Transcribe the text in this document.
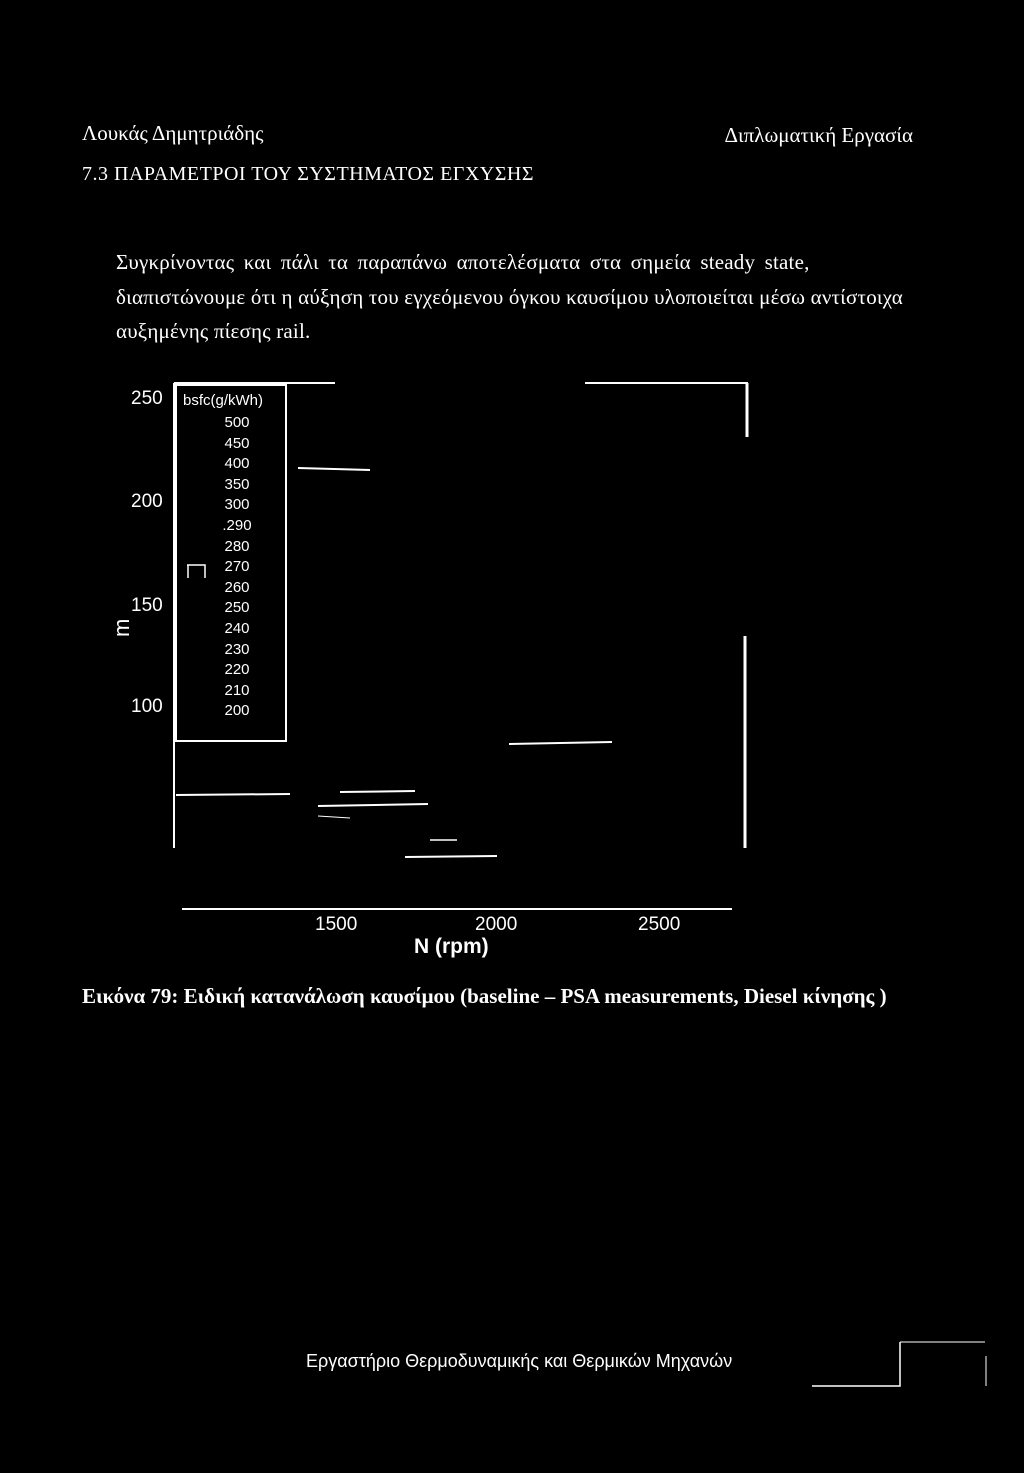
Λουκάς Δημητριάδης	Διπλωματική Εργασία
7.3 ΠΑΡΑΜΕΤΡΟΙ ΤΟΥ ΣΥΣΤΗΜΑΤΟΣ ΕΓΧΥΣΗΣ
Συγκρίνοντας και πάλι τα παραπάνω αποτελέσματα στα σημεία steady state,
διαπιστώνουμε ότι η αύξηση του εγχεόμενου όγκου καυσίμου υλοποιείται μέσω αντίστοιχα
αυξημένης πίεσης rail.
250
200
150
100
m
bsfc(g/kWh)
500
450
400
350
300
.290
280
270
260
250
240
230
220
210
200
1500	2000	2500
N (rpm)
Εικόνα 79: Ειδική κατανάλωση καυσίμου (baseline – PSA measurements, Diesel κίνησης )
Εργαστήριο Θερμοδυναμικής και Θερμικών Μηχανών
